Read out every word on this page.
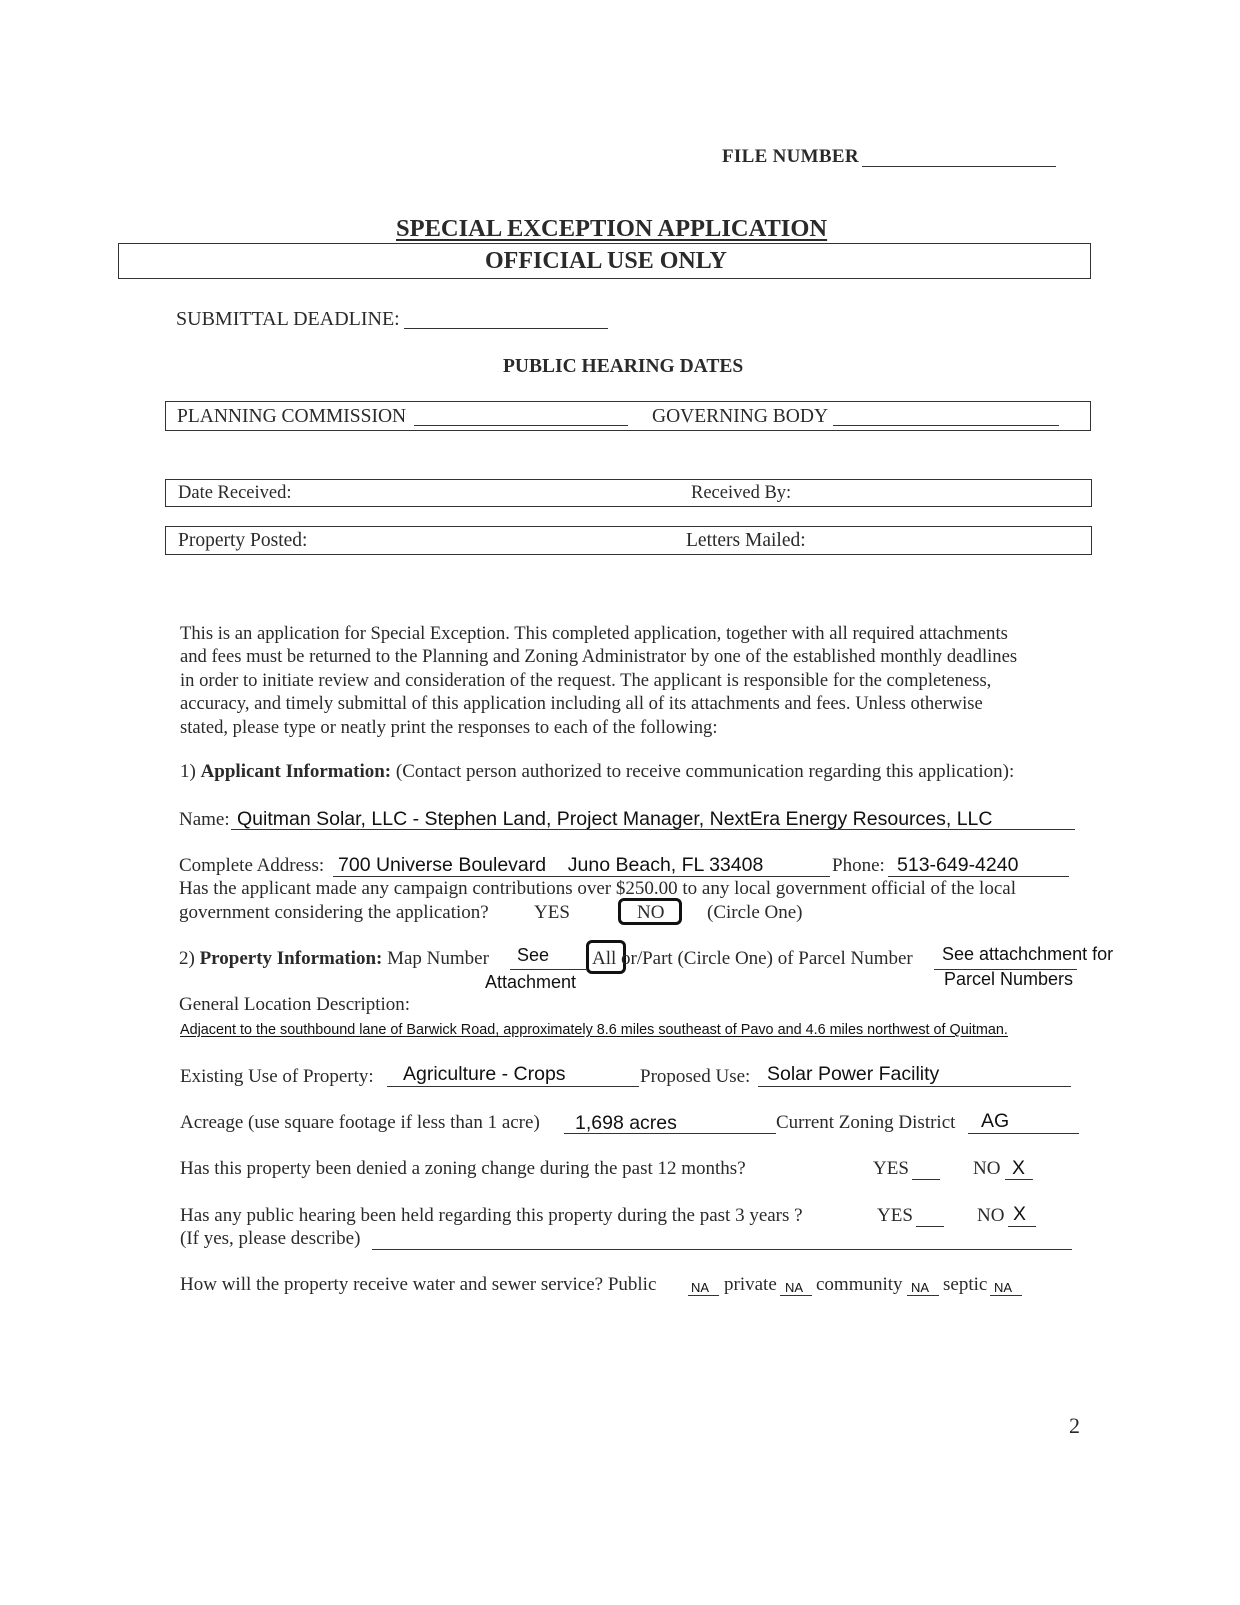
FILE NUMBER
SPECIAL EXCEPTION APPLICATION
OFFICIAL USE ONLY
SUBMITTAL DEADLINE:
PUBLIC HEARING DATES
PLANNING COMMISSION	GOVERNING BODY
Date Received:	Received By:
Property Posted:	Letters Mailed:

This is an application for Special Exception. This completed application, together with all required attachments

and fees must be returned to the Planning and Zoning Administrator by one of the established monthly deadlines

in order to initiate review and consideration of the request. The applicant is responsible for the completeness,

accuracy, and timely submittal of this application including all of its attachments and fees. Unless otherwise

stated, please type or neatly print the responses to each of the following:

1) Applicant Information: (Contact person authorized to receive communication regarding this application):
Name: Quitman Solar, LLC - Stephen Land, Project Manager, NextEra Energy Resources, LLC
Complete Address: 700 Universe Boulevard    Juno Beach, FL 33408	Phone: 513-649-4240
Has the applicant made any campaign contributions over $250.00 to any local government official of the local
government considering the application? YES	NO (Circle One)
2) Property Information: Map Number See
Attachment
All or/Part (Circle One) of Parcel Number See attachchment for
Parcel Numbers
General Location Description:
Adjacent to the southbound lane of Barwick Road, approximately 8.6 miles southeast of Pavo and 4.6 miles northwest of Quitman.
Existing Use of Property: Agriculture - Crops	Proposed Use: Solar Power Facility
Acreage (use square footage if less than 1 acre) 1,698 acres	Current Zoning District AG
Has this property been denied a zoning change during the past 12 months?	YES	NO X
Has any public hearing been held regarding this property during the past 3 years ?	YES	NO X
(If yes, please describe)
How will the property receive water and sewer service? Public	NA private NA community NA septic NA
2
